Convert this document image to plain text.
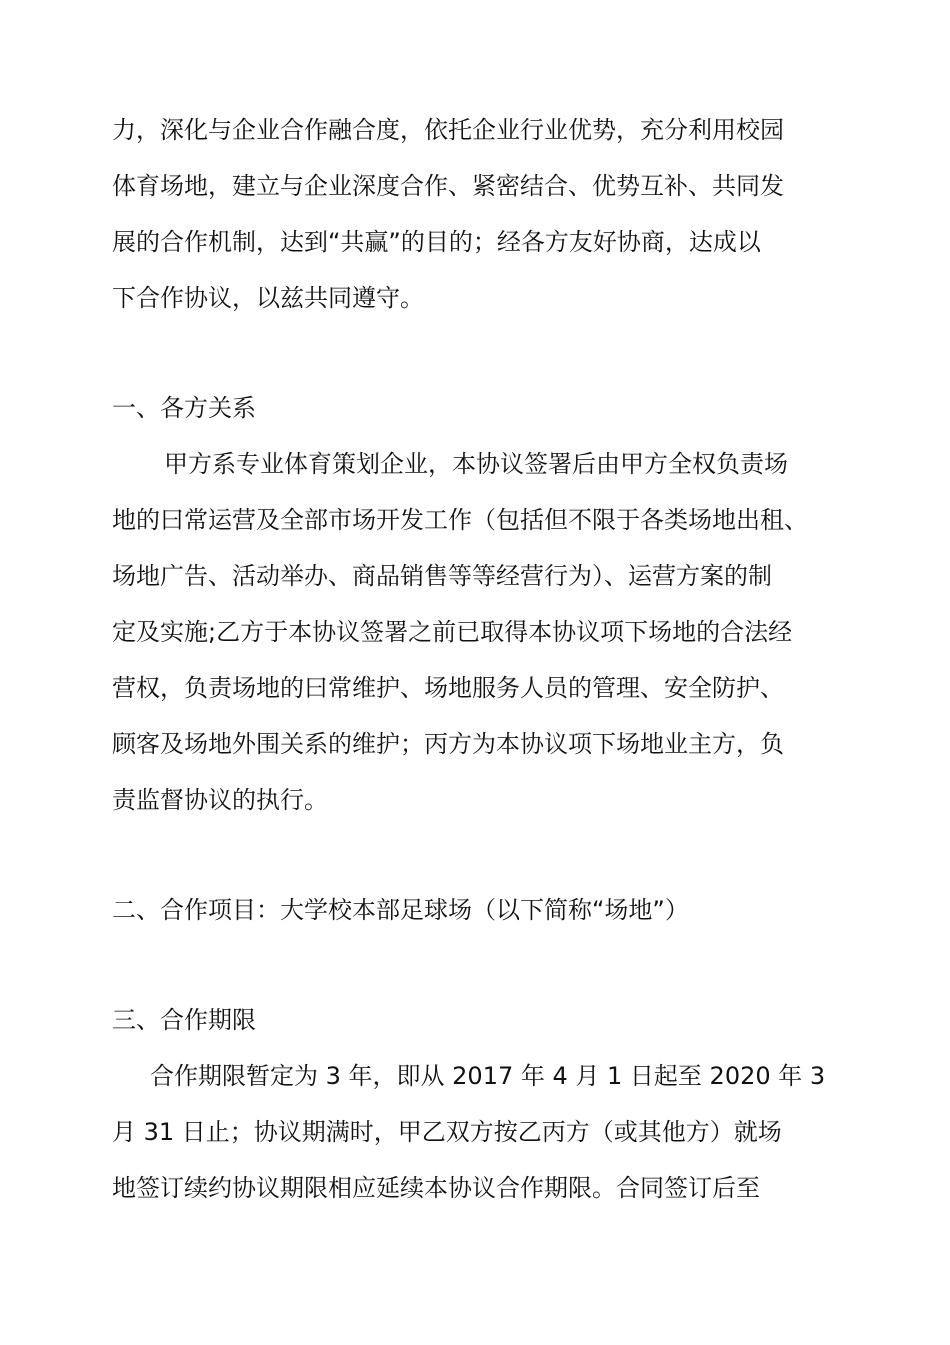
力，深化与企业合作融合度，依托企业行业优势，充分利用校园
体育场地，建立与企业深度合作、紧密结合、优势互补、共同发
展的合作机制，达到“共赢”的目的；经各方友好协商，达成以
下合作协议，以兹共同遵守。
一、各方关系
甲方系专业体育策划企业，本协议签署后由甲方全权负责场
地的曰常运营及全部市场开发工作（包括但不限于各类场地出租、
场地广告、活动举办、商品销售等等经营行为）、运营方案的制
定及实施;乙方于本协议签署之前已取得本协议项下场地的合法经
营权，负责场地的曰常维护、场地服务人员的管理、安全防护、
顾客及场地外围关系的维护；丙方为本协议项下场地业主方，负
责监督协议的执行。
二、合作项目：大学校本部足球场（以下简称“场地”）
三、合作期限
合作期限暂定为 3 年，即从 2017 年 4 月 1 日起至 2020 年 3
月 31 日止；协议期满时，甲乙双方按乙丙方（或其他方）就场
地签订续约协议期限相应延续本协议合作期限。合同签订后至
